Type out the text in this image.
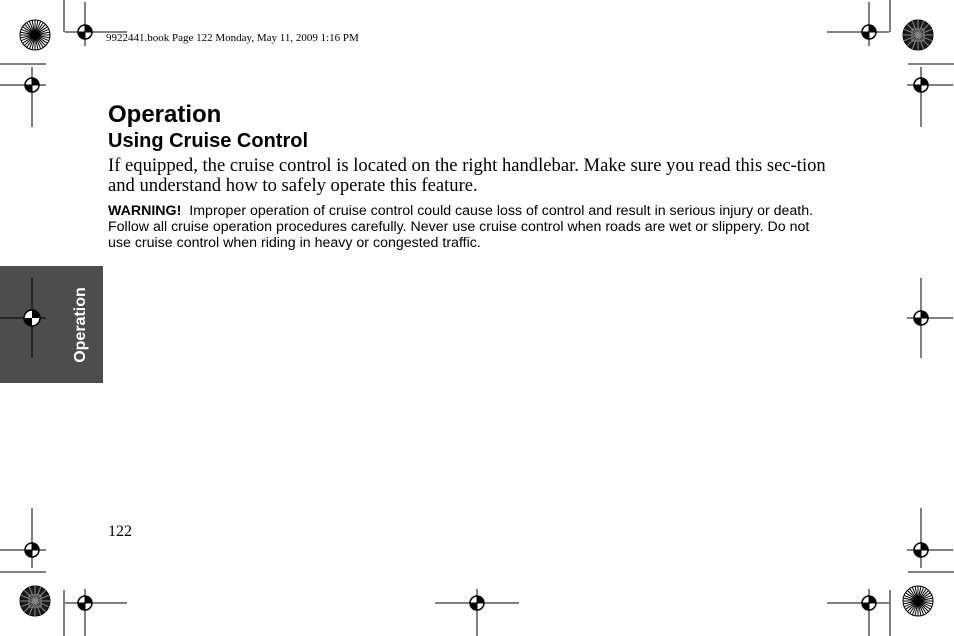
9922441.book Page 122 Monday, May 11, 2009 1:16 PM
Operation
Using Cruise Control

If equipped, the cruise control is located on the right handlebar. Make sure you read this sec-tion and understand how to safely operate this feature.

WARNING! Improper operation of cruise control could cause loss of control and result in serious injury or death. Follow all cruise operation procedures carefully. Never use cruise control when roads are wet or slippery. Do not use cruise control when riding in heavy or congested traffic.

Operation
122
